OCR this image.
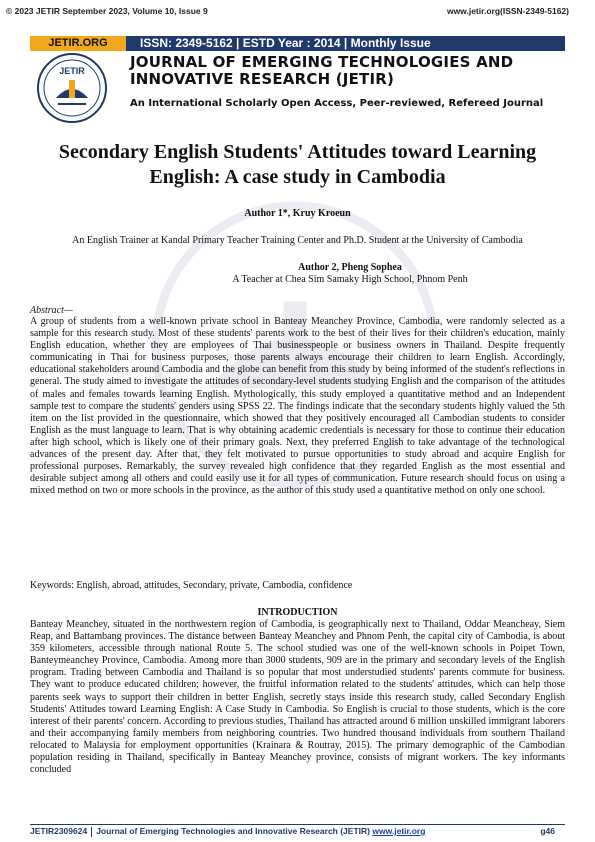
© 2023 JETIR September 2023, Volume 10, Issue 9	www.jetir.org(ISSN-2349-5162)
JETIR.ORG	ISSN: 2349-5162 | ESTD Year : 2014 | Monthly Issue
JETIR	JOURNAL OF EMERGING TECHNOLOGIES AND INNOVATIVE RESEARCH (JETIR)
An International Scholarly Open Access, Peer-reviewed, Refereed Journal
Secondary English Students' Attitudes toward Learning English: A case study in Cambodia
Author 1*, Kruy Kroeun
An English Trainer at Kandal Primary Teacher Training Center and Ph.D. Student at the University of Cambodia
Author 2, Pheng Sophea
A Teacher at Chea Sim Samaky High School, Phnom Penh
Abstract—
A group of students from a well-known private school in Banteay Meanchey Province, Cambodia, were randomly selected as a sample for this research study. Most of these students' parents work to the best of their lives for their children's education, mainly English education, whether they are employees of Thai businesspeople or business owners in Thailand. Despite frequently communicating in Thai for business purposes, those parents always encourage their children to learn English. Accordingly, educational stakeholders around Cambodia and the globe can benefit from this study by being informed of the student's reflections in general. The study aimed to investigate the attitudes of secondary-level students studying English and the comparison of the attitudes of males and females towards learning English. Mythologically, this study employed a quantitative method and an Independent sample test to compare the students' genders using SPSS 22. The findings indicate that the secondary students highly valued the 5th item on the list provided in the questionnaire, which showed that they positively encouraged all Cambodian students to consider English as the must language to learn. That is why obtaining academic credentials is necessary for those to continue their education after high school, which is likely one of their primary goals. Next, they preferred English to take advantage of the technological advances of the present day. After that, they felt motivated to pursue opportunities to study abroad and acquire English for professional purposes. Remarkably, the survey revealed high confidence that they regarded English as the most essential and desirable subject among all others and could easily use it for all types of communication. Future research should focus on using a mixed method on two or more schools in the province, as the author of this study used a quantitative method on only one school.
Keywords: English, abroad, attitudes, Secondary, private, Cambodia, confidence
INTRODUCTION
Banteay Meanchey, situated in the northwestern region of Cambodia, is geographically next to Thailand, Oddar Meancheay, Siem Reap, and Battambang provinces. The distance between Banteay Meanchey and Phnom Penh, the capital city of Cambodia, is about 359 kilometers, accessible through national Route 5. The school studied was one of the well-known schools in Poipet Town, Banteymeanchey Province, Cambodia. Among more than 3000 students, 909 are in the primary and secondary levels of the English program. Trading between Cambodia and Thailand is so popular that most understudied students' parents commute for business. They want to produce educated children; however, the fruitful information related to the students' attitudes, which can help those parents seek ways to support their children in better English, secretly stays inside this research study, called Secondary English Students' Attitudes toward Learning English: A Case Study in Cambodia. So English is crucial to those students, which is the core interest of their parents' concern. According to previous studies, Thailand has attracted around 6 million unskilled immigrant laborers and their accompanying family members from neighboring countries. Two hundred thousand individuals from southern Thailand relocated to Malaysia for employment opportunities (Krainara & Routray, 2015). The primary demographic of the Cambodian population residing in Thailand, specifically in Banteay Meanchey province, consists of migrant workers. The key informants concluded
JETIR2309624 Journal of Emerging Technologies and Innovative Research (JETIR) www.jetir.org	g46
